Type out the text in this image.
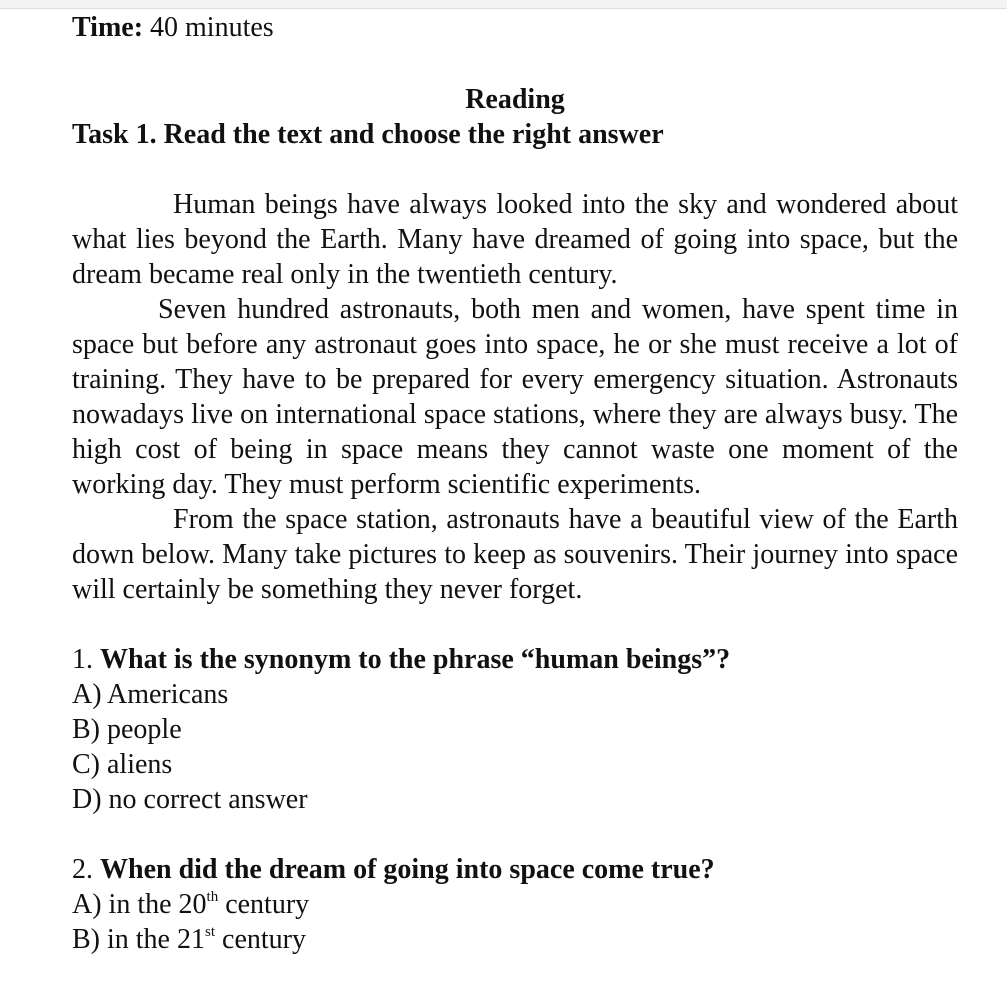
Time: 40 minutes

Reading

Task 1. Read the text and choose the right answer

Human beings have always looked into the sky and wondered about what lies beyond the Earth. Many have dreamed of going into space, but the dream became real only in the twentieth century.

Seven hundred astronauts, both men and women, have spent time in space but before any astronaut goes into space, he or she must receive a lot of training. They have to be prepared for every emergency situation. Astronauts nowadays live on international space stations, where they are always busy. The high cost of being in space means they cannot waste one moment of the working day. They must perform scientific experiments.

From the space station, astronauts have a beautiful view of the Earth down below. Many take pictures to keep as souvenirs. Their journey into space will certainly be something they never forget.

1. What is the synonym to the phrase “human beings”?

A) Americans

B) people

C) aliens

D) no correct answer

2. When did the dream of going into space come true?

A) in the 20th century

B) in the 21st century
